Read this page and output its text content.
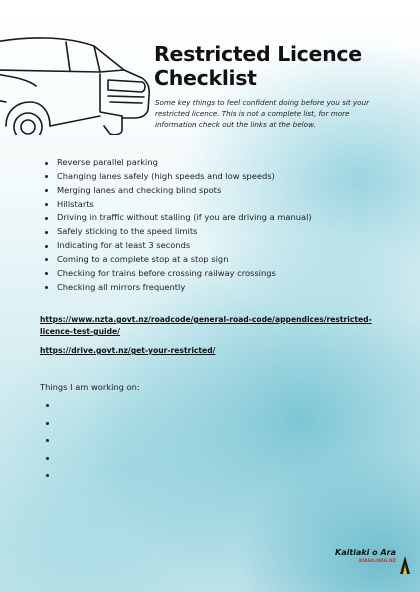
Restricted Licence
Checklist

Some key things to feel confident doing before you sit your restricted licence. This is not a complete list, for more information check out the links at the below.

Reverse parallel parking
Changing lanes safely (high speeds and low speeds)
Merging lanes and checking blind spots
Hillstarts
Driving in traffic without stalling (if you are driving a manual)
Safely sticking to the speed limits
Indicating for at least 3 seconds
Coming to a complete stop at a stop sign
Checking for trains before crossing railway crossings
Checking all mirrors frequently
https://www.nzta.govt.nz/roadcode/general-road-code/appendices/restricted-licence-test-guide/
https://drive.govt.nz/get-your-restricted/
Things I am working on:
Kaitiaki o Ara
KIASO.ORG.NZ
